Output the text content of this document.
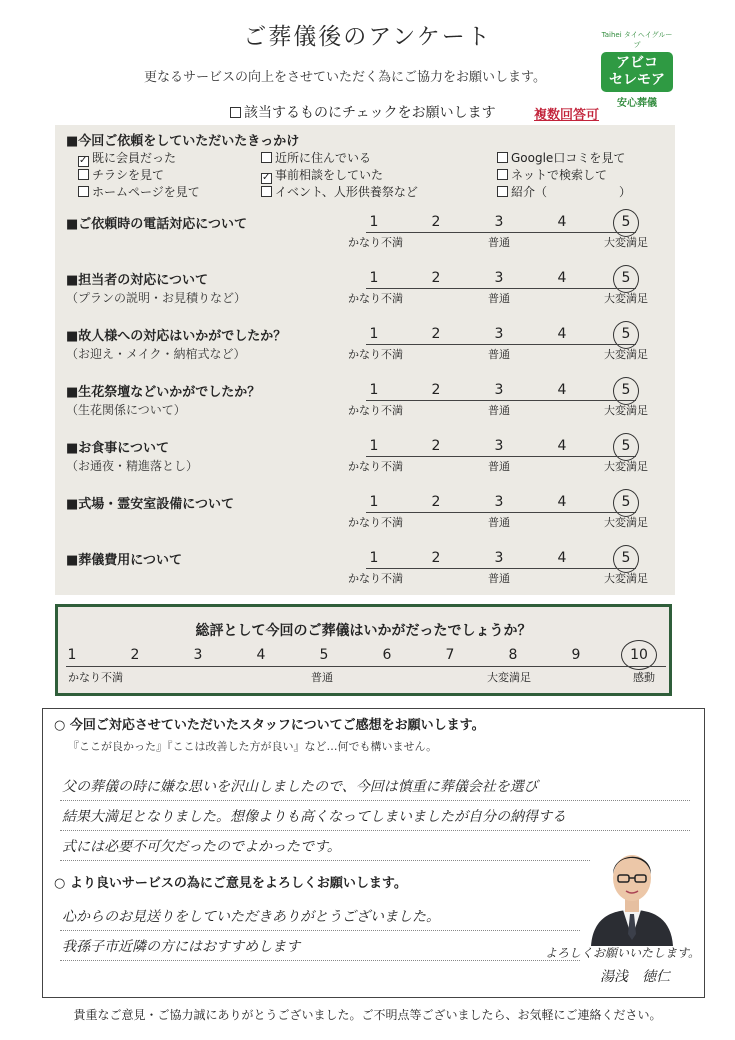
ご葬儀後のアンケート
更なるサービスの向上をさせていただく為にご協力をお願いします。
Taihei タイヘイグループ
アビコ
セレモア
安心葬儀
該当するものにチェックをお願いします	複数回答可
■今回ご依頼をしていただいたきっかけ
✓ 既に会員だった
チラシを見て
ホームページを見て
近所に住んでいる
✓ 事前相談をしていた
イベント、人形供養祭など
Google口コミを見て
ネットで検索して
紹介（　　　　　　）
■ご依頼時の電話対応について	1	2	3	4	5
かなり不満	普通	大変満足
■担当者の対応について
（プランの説明・お見積りなど）
1	2	3	4	5
かなり不満	普通	大変満足
■故人様への対応はいかがでしたか？
（お迎え・メイク・納棺式など）
1	2	3	4	5
かなり不満	普通	大変満足
■生花祭壇などいかがでしたか？
（生花関係について）
1	2	3	4	5
かなり不満	普通	大変満足
■お食事について
（お通夜・精進落とし）
1	2	3	4	5
かなり不満	普通	大変満足
■式場・霊安室設備について	1	2	3	4	5
かなり不満	普通	大変満足
■葬儀費用について	1	2	3	4	5
かなり不満	普通	大変満足
総評として今回のご葬儀はいかがだったでしょうか？
1	2	3	4	5	6	7	8	9	10
かなり不満	普通	大変満足	感動
○ 今回ご対応させていただいたスタッフについてご感想をお願いします。
『ここが良かった』『ここは改善した方が良い』など…何でも構いません。
父の葬儀の時に嫌な思いを沢山しましたので、今回は慎重に葬儀会社を選び
結果大満足となりました。想像よりも高くなってしまいましたが自分の納得する
式には必要不可欠だったのでよかったです。
○ より良いサービスの為にご意見をよろしくお願いします。
心からのお見送りをしていただきありがとうございました。
我孫子市近隣の方にはおすすめします	よろしくお願いいたします。
湯浅　徳仁
貴重なご意見・ご協力誠にありがとうございました。ご不明点等ございましたら、お気軽にご連絡ください。
